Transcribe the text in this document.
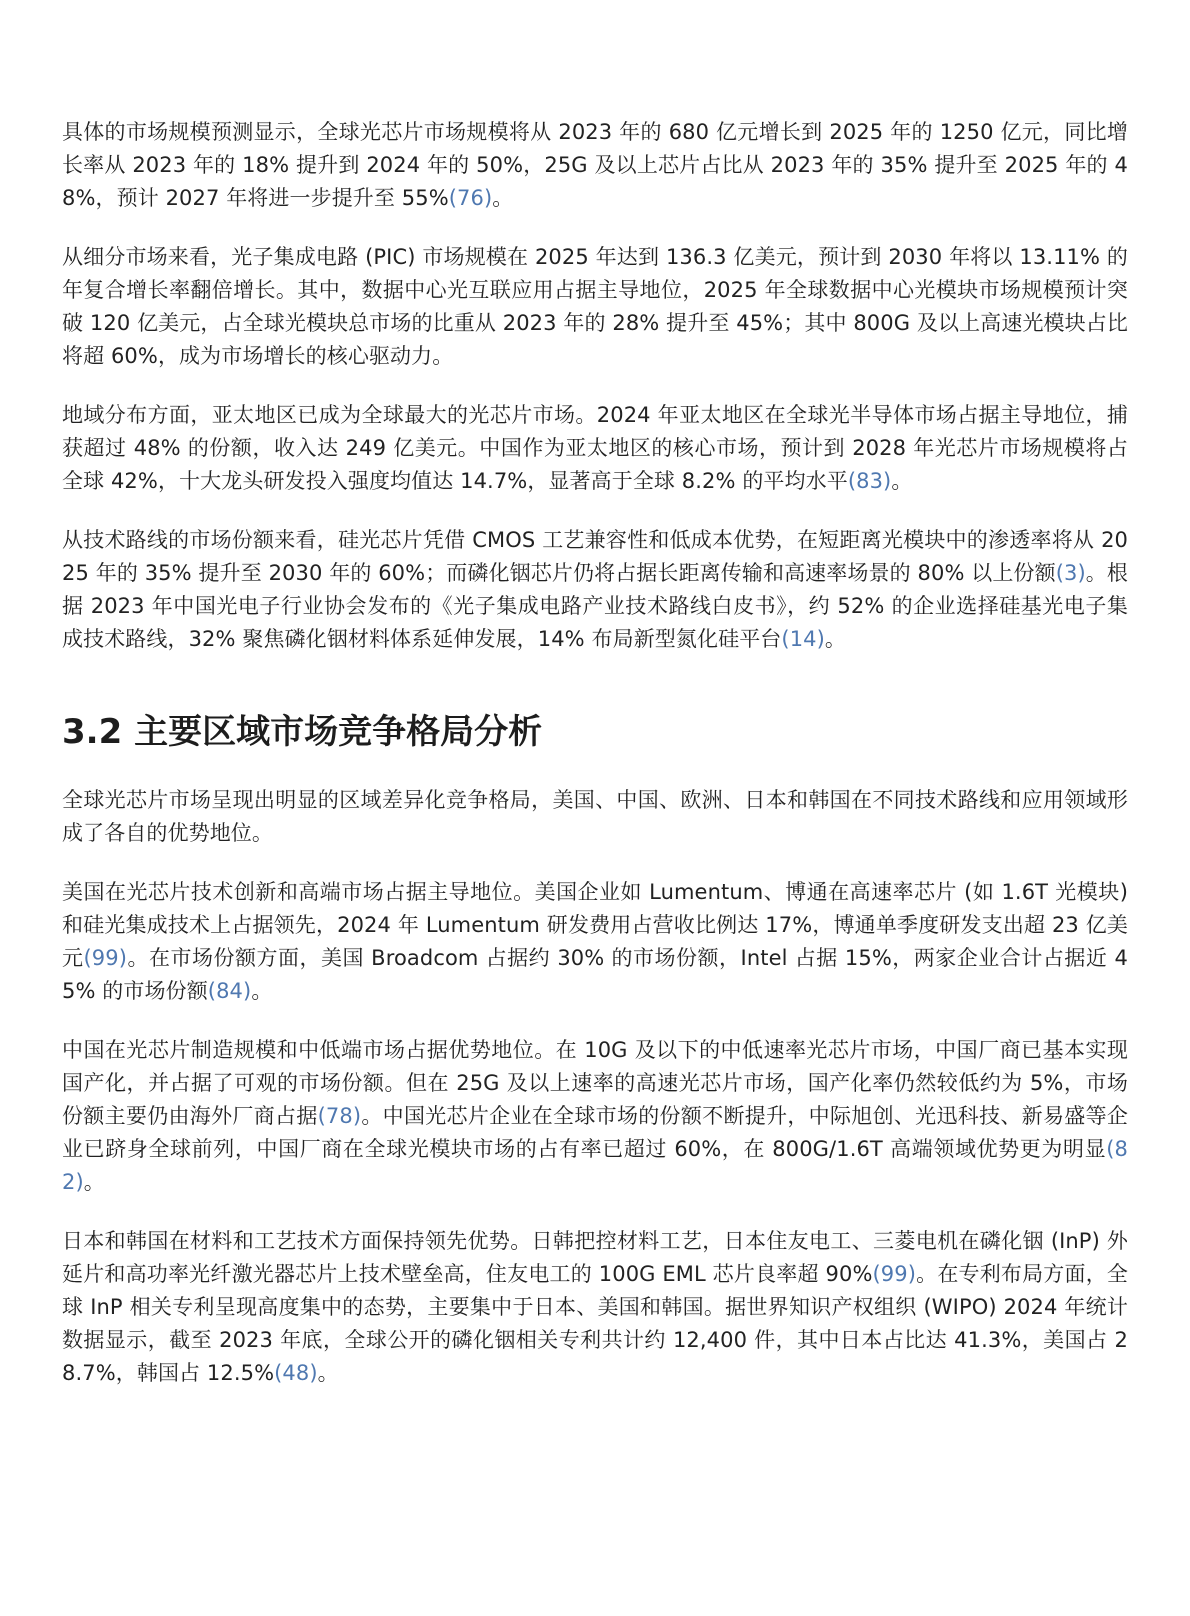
具体的市场规模预测显示，全球光芯片市场规模将从 2023 年的 680 亿元增长到 2025 年的 1250 亿元，同比增长率从 2023 年的 18% 提升到 2024 年的 50%，25G 及以上芯片占比从 2023 年的 35% 提升至 2025 年的 48%，预计 2027 年将进一步提升至 55%(76)。

从细分市场来看，光子集成电路 (PIC) 市场规模在 2025 年达到 136.3 亿美元，预计到 2030 年将以 13.11% 的年复合增长率翻倍增长。其中，数据中心光互联应用占据主导地位，2025 年全球数据中心光模块市场规模预计突破 120 亿美元，占全球光模块总市场的比重从 2023 年的 28% 提升至 45%；其中 800G 及以上高速光模块占比将超 60%，成为市场增长的核心驱动力。

地域分布方面，亚太地区已成为全球最大的光芯片市场。2024 年亚太地区在全球光半导体市场占据主导地位，捕获超过 48% 的份额，收入达 249 亿美元。中国作为亚太地区的核心市场，预计到 2028 年光芯片市场规模将占全球 42%，十大龙头研发投入强度均值达 14.7%，显著高于全球 8.2% 的平均水平(83)。

从技术路线的市场份额来看，硅光芯片凭借 CMOS 工艺兼容性和低成本优势，在短距离光模块中的渗透率将从 2025 年的 35% 提升至 2030 年的 60%；而磷化铟芯片仍将占据长距离传输和高速率场景的 80% 以上份额(3)。根据 2023 年中国光电子行业协会发布的《光子集成电路产业技术路线白皮书》，约 52% 的企业选择硅基光电子集成技术路线，32% 聚焦磷化铟材料体系延伸发展，14% 布局新型氮化硅平台(14)。

3.2 主要区域市场竞争格局分析

全球光芯片市场呈现出明显的区域差异化竞争格局，美国、中国、欧洲、日本和韩国在不同技术路线和应用领域形成了各自的优势地位。

美国在光芯片技术创新和高端市场占据主导地位。美国企业如 Lumentum、博通在高速率芯片 (如 1.6T 光模块) 和硅光集成技术上占据领先，2024 年 Lumentum 研发费用占营收比例达 17%，博通单季度研发支出超 23 亿美元(99)。在市场份额方面，美国 Broadcom 占据约 30% 的市场份额，Intel 占据 15%，两家企业合计占据近 45% 的市场份额(84)。

中国在光芯片制造规模和中低端市场占据优势地位。在 10G 及以下的中低速率光芯片市场，中国厂商已基本实现国产化，并占据了可观的市场份额。但在 25G 及以上速率的高速光芯片市场，国产化率仍然较低约为 5%，市场份额主要仍由海外厂商占据(78)。中国光芯片企业在全球市场的份额不断提升，中际旭创、光迅科技、新易盛等企业已跻身全球前列，中国厂商在全球光模块市场的占有率已超过 60%，在 800G/1.6T 高端领域优势更为明显(82)。

日本和韩国在材料和工艺技术方面保持领先优势。日韩把控材料工艺，日本住友电工、三菱电机在磷化铟 (InP) 外延片和高功率光纤激光器芯片上技术壁垒高，住友电工的 100G EML 芯片良率超 90%(99)。在专利布局方面，全球 InP 相关专利呈现高度集中的态势，主要集中于日本、美国和韩国。据世界知识产权组织 (WIPO) 2024 年统计数据显示，截至 2023 年底，全球公开的磷化铟相关专利共计约 12,400 件，其中日本占比达 41.3%，美国占 28.7%，韩国占 12.5%(48)。
